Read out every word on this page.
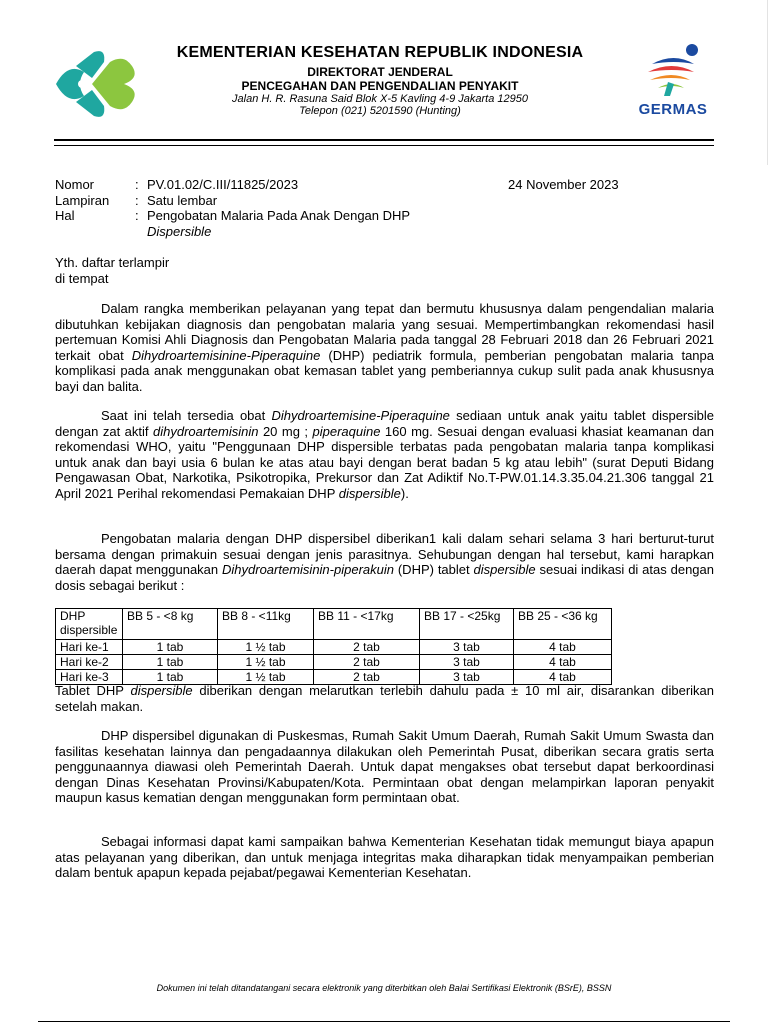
KEMENTERIAN KESEHATAN REPUBLIK INDONESIA
DIREKTORAT JENDERAL
PENCEGAHAN DAN PENGENDALIAN PENYAKIT
Jalan H. R. Rasuna Said Blok X-5 Kavling 4-9 Jakarta 12950
Telepon (021) 5201590 (Hunting)	GERMAS
Nomor	: PV.01.02/C.III/11825/2023
Lampiran	: Satu lembar
Hal	: Pengobatan Malaria Pada Anak Dengan DHP
Dispersible
24 November 2023
Yth. daftar terlampir
di tempat
Dalam rangka memberikan pelayanan yang tepat dan bermutu khususnya dalam pengendalian malaria dibutuhkan kebijakan diagnosis dan pengobatan malaria yang sesuai. Mempertimbangkan rekomendasi hasil pertemuan Komisi Ahli Diagnosis dan Pengobatan Malaria pada tanggal 28 Februari 2018 dan 26 Februari 2021 terkait obat Dihydroartemisinine-Piperaquine (DHP) pediatrik formula, pemberian pengobatan malaria tanpa komplikasi pada anak menggunakan obat kemasan tablet yang pemberiannya cukup sulit pada anak khususnya bayi dan balita.
Saat ini telah tersedia obat Dihydroartemisine-Piperaquine sediaan untuk anak yaitu tablet dispersible dengan zat aktif dihydroartemisinin 20 mg ; piperaquine 160 mg. Sesuai dengan evaluasi khasiat keamanan dan rekomendasi WHO, yaitu "Penggunaan DHP dispersible terbatas pada pengobatan malaria tanpa komplikasi untuk anak dan bayi usia 6 bulan ke atas atau bayi dengan berat badan 5 kg atau lebih" (surat Deputi Bidang Pengawasan Obat, Narkotika, Psikotropika, Prekursor dan Zat Adiktif No.T-PW.01.14.3.35.04.21.306 tanggal 21 April 2021 Perihal rekomendasi Pemakaian DHP dispersible).
Pengobatan malaria dengan DHP dispersibel diberikan1 kali dalam sehari selama 3 hari berturut-turut bersama dengan primakuin sesuai dengan jenis parasitnya. Sehubungan dengan hal tersebut, kami harapkan daerah dapat menggunakan Dihydroartemisinin-piperakuin (DHP) tablet dispersible sesuai indikasi di atas dengan dosis sebagai berikut :
DHP dispersible	BB 5 - <8 kg	BB 8 - <11kg	BB 11 - <17kg	BB 17 - <25kg	BB 25 - <36 kg
Hari ke-1	1 tab	1 ½ tab	2 tab	3 tab	4 tab
Hari ke-2	1 tab	1 ½ tab	2 tab	3 tab	4 tab
Hari ke-3	1 tab	1 ½ tab	2 tab	3 tab	4 tab
Tablet DHP dispersible diberikan dengan melarutkan terlebih dahulu pada ± 10 ml air, disarankan diberikan setelah makan.
DHP dispersibel digunakan di Puskesmas, Rumah Sakit Umum Daerah, Rumah Sakit Umum Swasta dan fasilitas kesehatan lainnya dan pengadaannya dilakukan oleh Pemerintah Pusat, diberikan secara gratis serta penggunaannya diawasi oleh Pemerintah Daerah. Untuk dapat mengakses obat tersebut dapat berkoordinasi dengan Dinas Kesehatan Provinsi/Kabupaten/Kota. Permintaan obat dengan melampirkan laporan penyakit maupun kasus kematian dengan menggunakan form permintaan obat.
Sebagai informasi dapat kami sampaikan bahwa Kementerian Kesehatan tidak memungut biaya apapun atas pelayanan yang diberikan, dan untuk menjaga integritas maka diharapkan tidak menyampaikan pemberian dalam bentuk apapun kepada pejabat/pegawai Kementerian Kesehatan.
Dokumen ini telah ditandatangani secara elektronik yang diterbitkan oleh Balai Sertifikasi Elektronik (BSrE), BSSN
